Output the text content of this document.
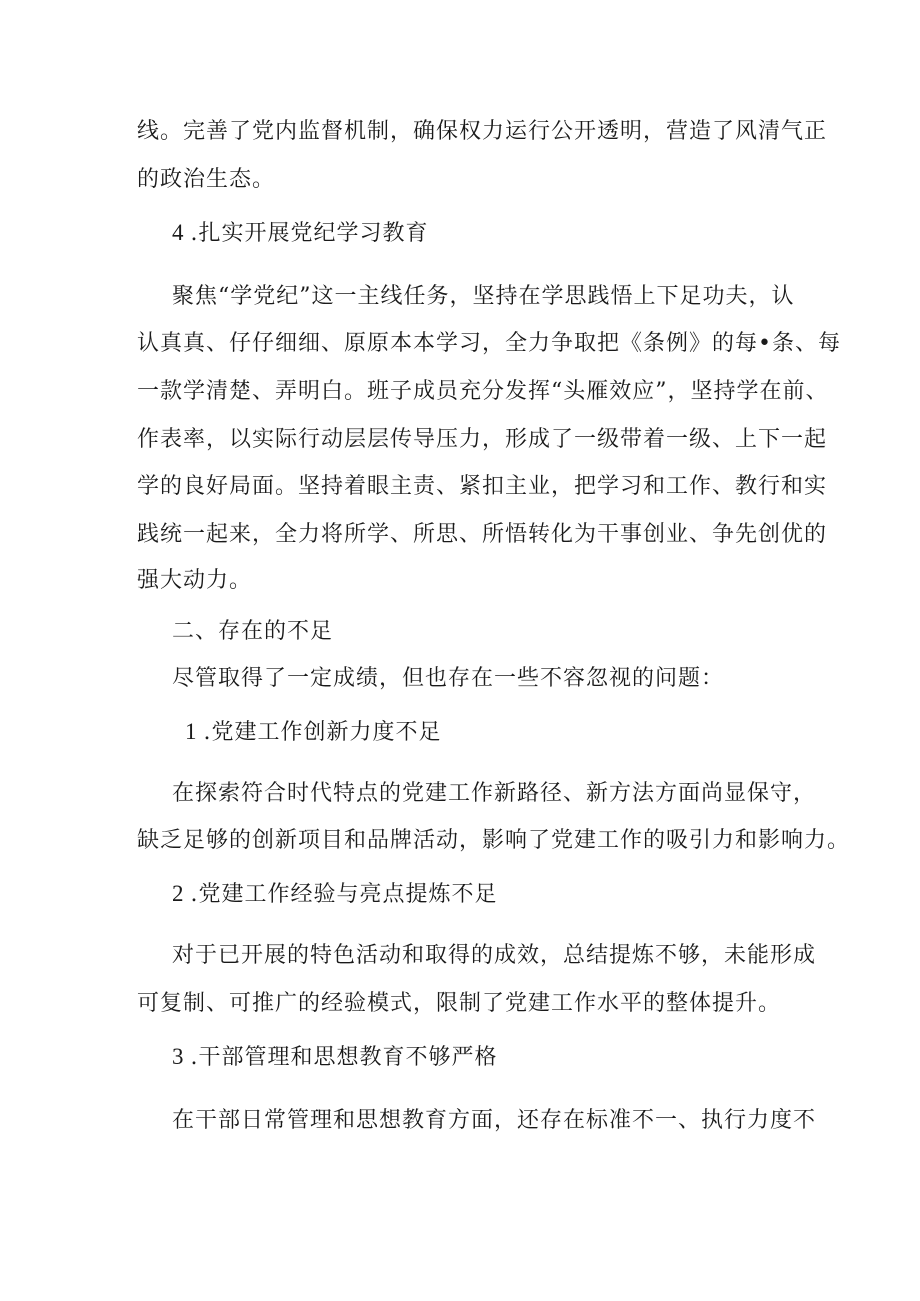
线。完善了党内监督机制，确保权力运行公开透明，营造了风清气正
的政治生态。
4 .扎实开展党纪学习教育
聚焦“学党纪”这一主线任务，坚持在学思践悟上下足功夫，认
认真真、仔仔细细、原原本本学习，全力争取把《条例》的每•条、每
一款学清楚、弄明白。班子成员充分发挥“头雁效应”，坚持学在前、
作表率，以实际行动层层传导压力，形成了一级带着一级、上下一起
学的良好局面。坚持着眼主责、紧扣主业，把学习和工作、教行和实
践统一起来，全力将所学、所思、所悟转化为干事创业、争先创优的
强大动力。
二、存在的不足
尽管取得了一定成绩，但也存在一些不容忽视的问题：
1 .党建工作创新力度不足
在探索符合时代特点的党建工作新路径、新方法方面尚显保守，
缺乏足够的创新项目和品牌活动，影响了党建工作的吸引力和影响力。
2 .党建工作经验与亮点提炼不足
对于已开展的特色活动和取得的成效，总结提炼不够，未能形成
可复制、可推广的经验模式，限制了党建工作水平的整体提升。
3 .干部管理和思想教育不够严格
在干部日常管理和思想教育方面，还存在标准不一、执行力度不
